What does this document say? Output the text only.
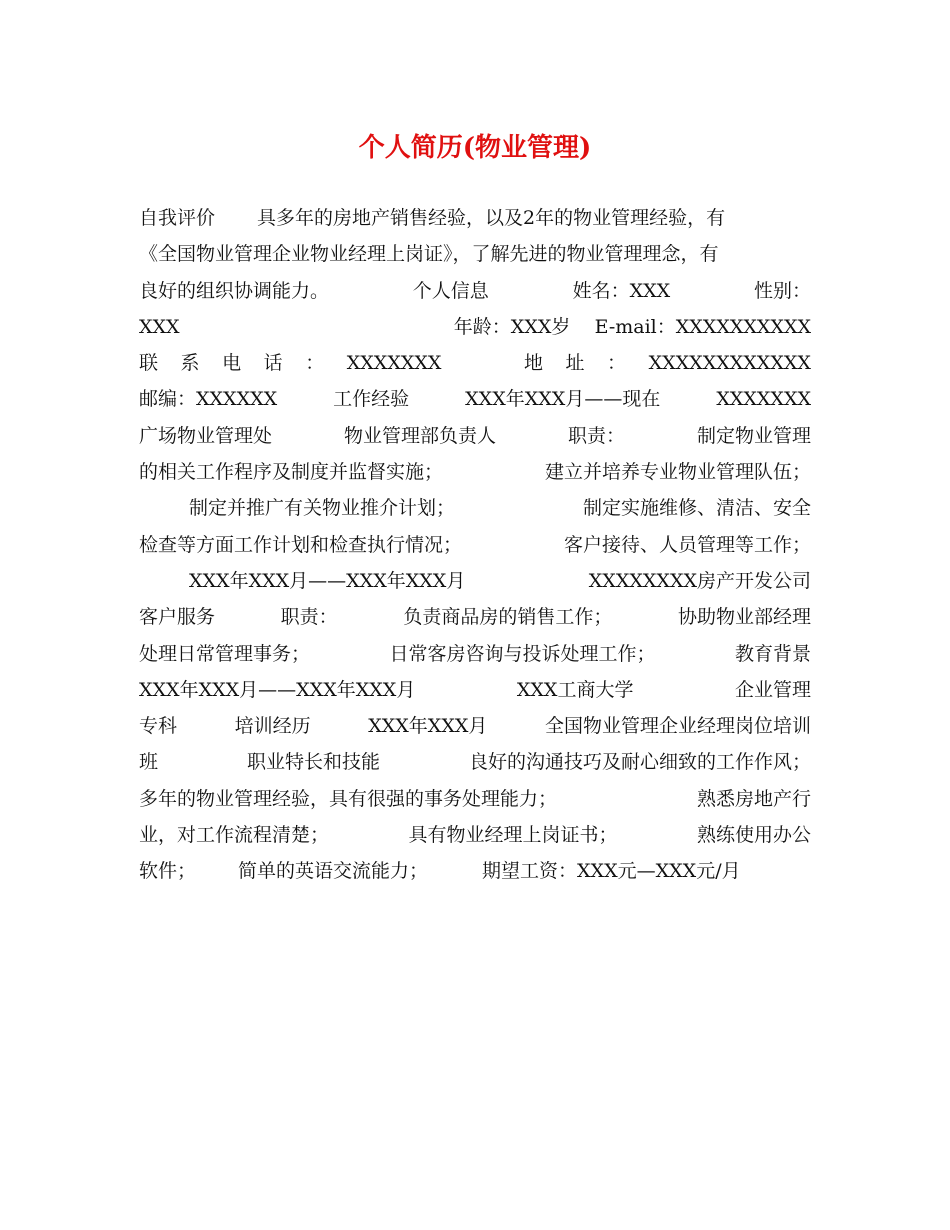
个人简历(物业管理)
自我评价 具多年的房地产销售经验，以及2年的物业管理经验，有
《全国物业管理企业物业经理上岗证》，了解先进的物业管理理念，有
良好的组织协调能力。	个人信息	姓名：XXX	性别：
XXX	年龄：XXX岁 E-mail：XXXXXXXXXX
联 系 电 话 ： XXXXXXX	地 址 ： XXXXXXXXXXXX
邮编：XXXXXX	工作经验	XXX年XXX月——现在	XXXXXXX
广场物业管理处	物业管理部负责人	职责：	制定物业管理
的相关工作程序及制度并监督实施；	建立并培养专业物业管理队伍；
制定并推广有关物业推介计划；	制定实施维修、清洁、安全
检查等方面工作计划和检查执行情况；	客户接待、人员管理等工作；
XXX年XXX月——XXX年XXX月	XXXXXXXX房产开发公司
客户服务	职责：	负责商品房的销售工作；	协助物业部经理
处理日常管理事务；	日常客房咨询与投诉处理工作；	教育背景
XXX年XXX月——XXX年XXX月	XXX工商大学	企业管理
专科	培训经历	XXX年XXX月	全国物业管理企业经理岗位培训
班	职业特长和技能	良好的沟通技巧及耐心细致的工作作风；
多年的物业管理经验，具有很强的事务处理能力；	熟悉房地产行
业，对工作流程清楚；	具有物业经理上岗证书；	熟练使用办公
软件； 简单的英语交流能力；	期望工资：XXX元—XXX元/月
